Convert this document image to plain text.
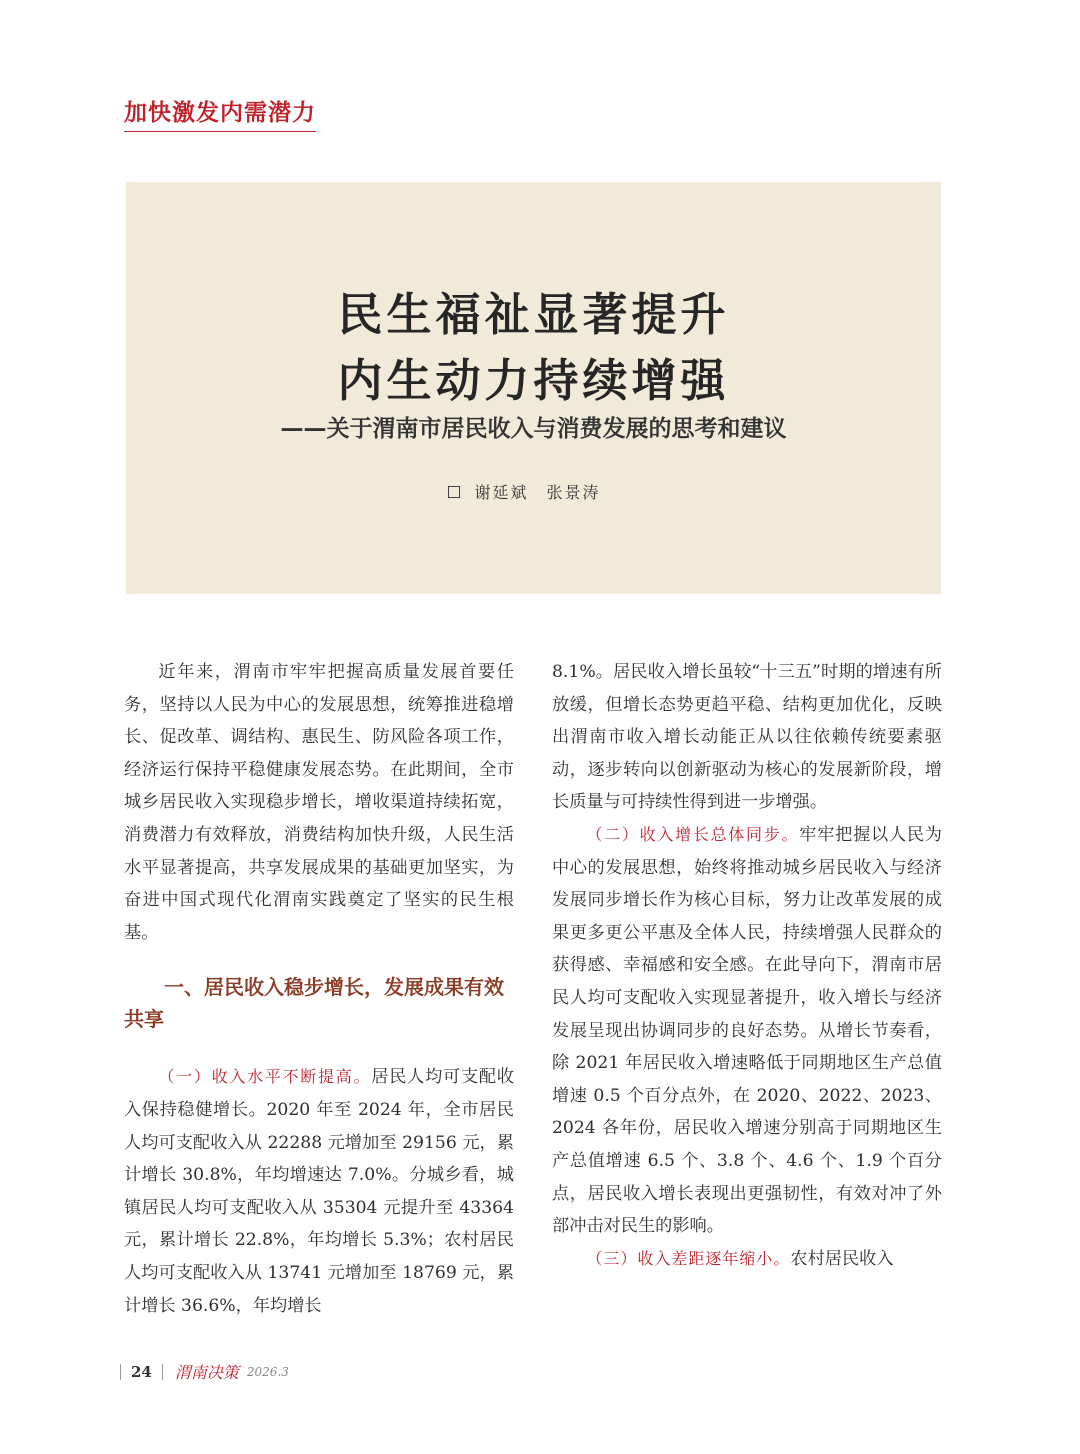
加快激发内需潜力
民生福祉显著提升
内生动力持续增强
——关于渭南市居民收入与消费发展的思考和建议
谢延斌 张景涛

近年来，渭南市牢牢把握高质量发展首要任务，坚持以人民为中心的发展思想，统筹推进稳增长、促改革、调结构、惠民生、防风险各项工作，经济运行保持平稳健康发展态势。在此期间，全市城乡居民收入实现稳步增长，增收渠道持续拓宽，消费潜力有效释放，消费结构加快升级，人民生活水平显著提高，共享发展成果的基础更加坚实，为奋进中国式现代化渭南实践奠定了坚实的民生根基。

一、居民收入稳步增长，发展成果有效共享

（一）收入水平不断提高。居民人均可支配收入保持稳健增长。2020 年至 2024 年，全市居民人均可支配收入从 22288 元增加至 29156 元，累计增长 30.8%，年均增速达 7.0%。分城乡看，城镇居民人均可支配收入从 35304 元提升至 43364 元，累计增长 22.8%，年均增长 5.3%；农村居民人均可支配收入从 13741 元增加至 18769 元，累计增长 36.6%，年均增长

8.1%。居民收入增长虽较“十三五”时期的增速有所放缓，但增长态势更趋平稳、结构更加优化，反映出渭南市收入增长动能正从以往依赖传统要素驱动，逐步转向以创新驱动为核心的发展新阶段，增长质量与可持续性得到进一步增强。

（二）收入增长总体同步。牢牢把握以人民为中心的发展思想，始终将推动城乡居民收入与经济发展同步增长作为核心目标，努力让改革发展的成果更多更公平惠及全体人民，持续增强人民群众的获得感、幸福感和安全感。在此导向下，渭南市居民人均可支配收入实现显著提升，收入增长与经济发展呈现出协调同步的良好态势。从增长节奏看，除 2021 年居民收入增速略低于同期地区生产总值增速 0.5 个百分点外，在 2020、2022、2023、2024 各年份，居民收入增速分别高于同期地区生产总值增速 6.5 个、3.8 个、4.6 个、1.9 个百分点，居民收入增长表现出更强韧性，有效对冲了外部冲击对民生的影响。

（三）收入差距逐年缩小。农村居民收入

24 渭南决策 2026.3
